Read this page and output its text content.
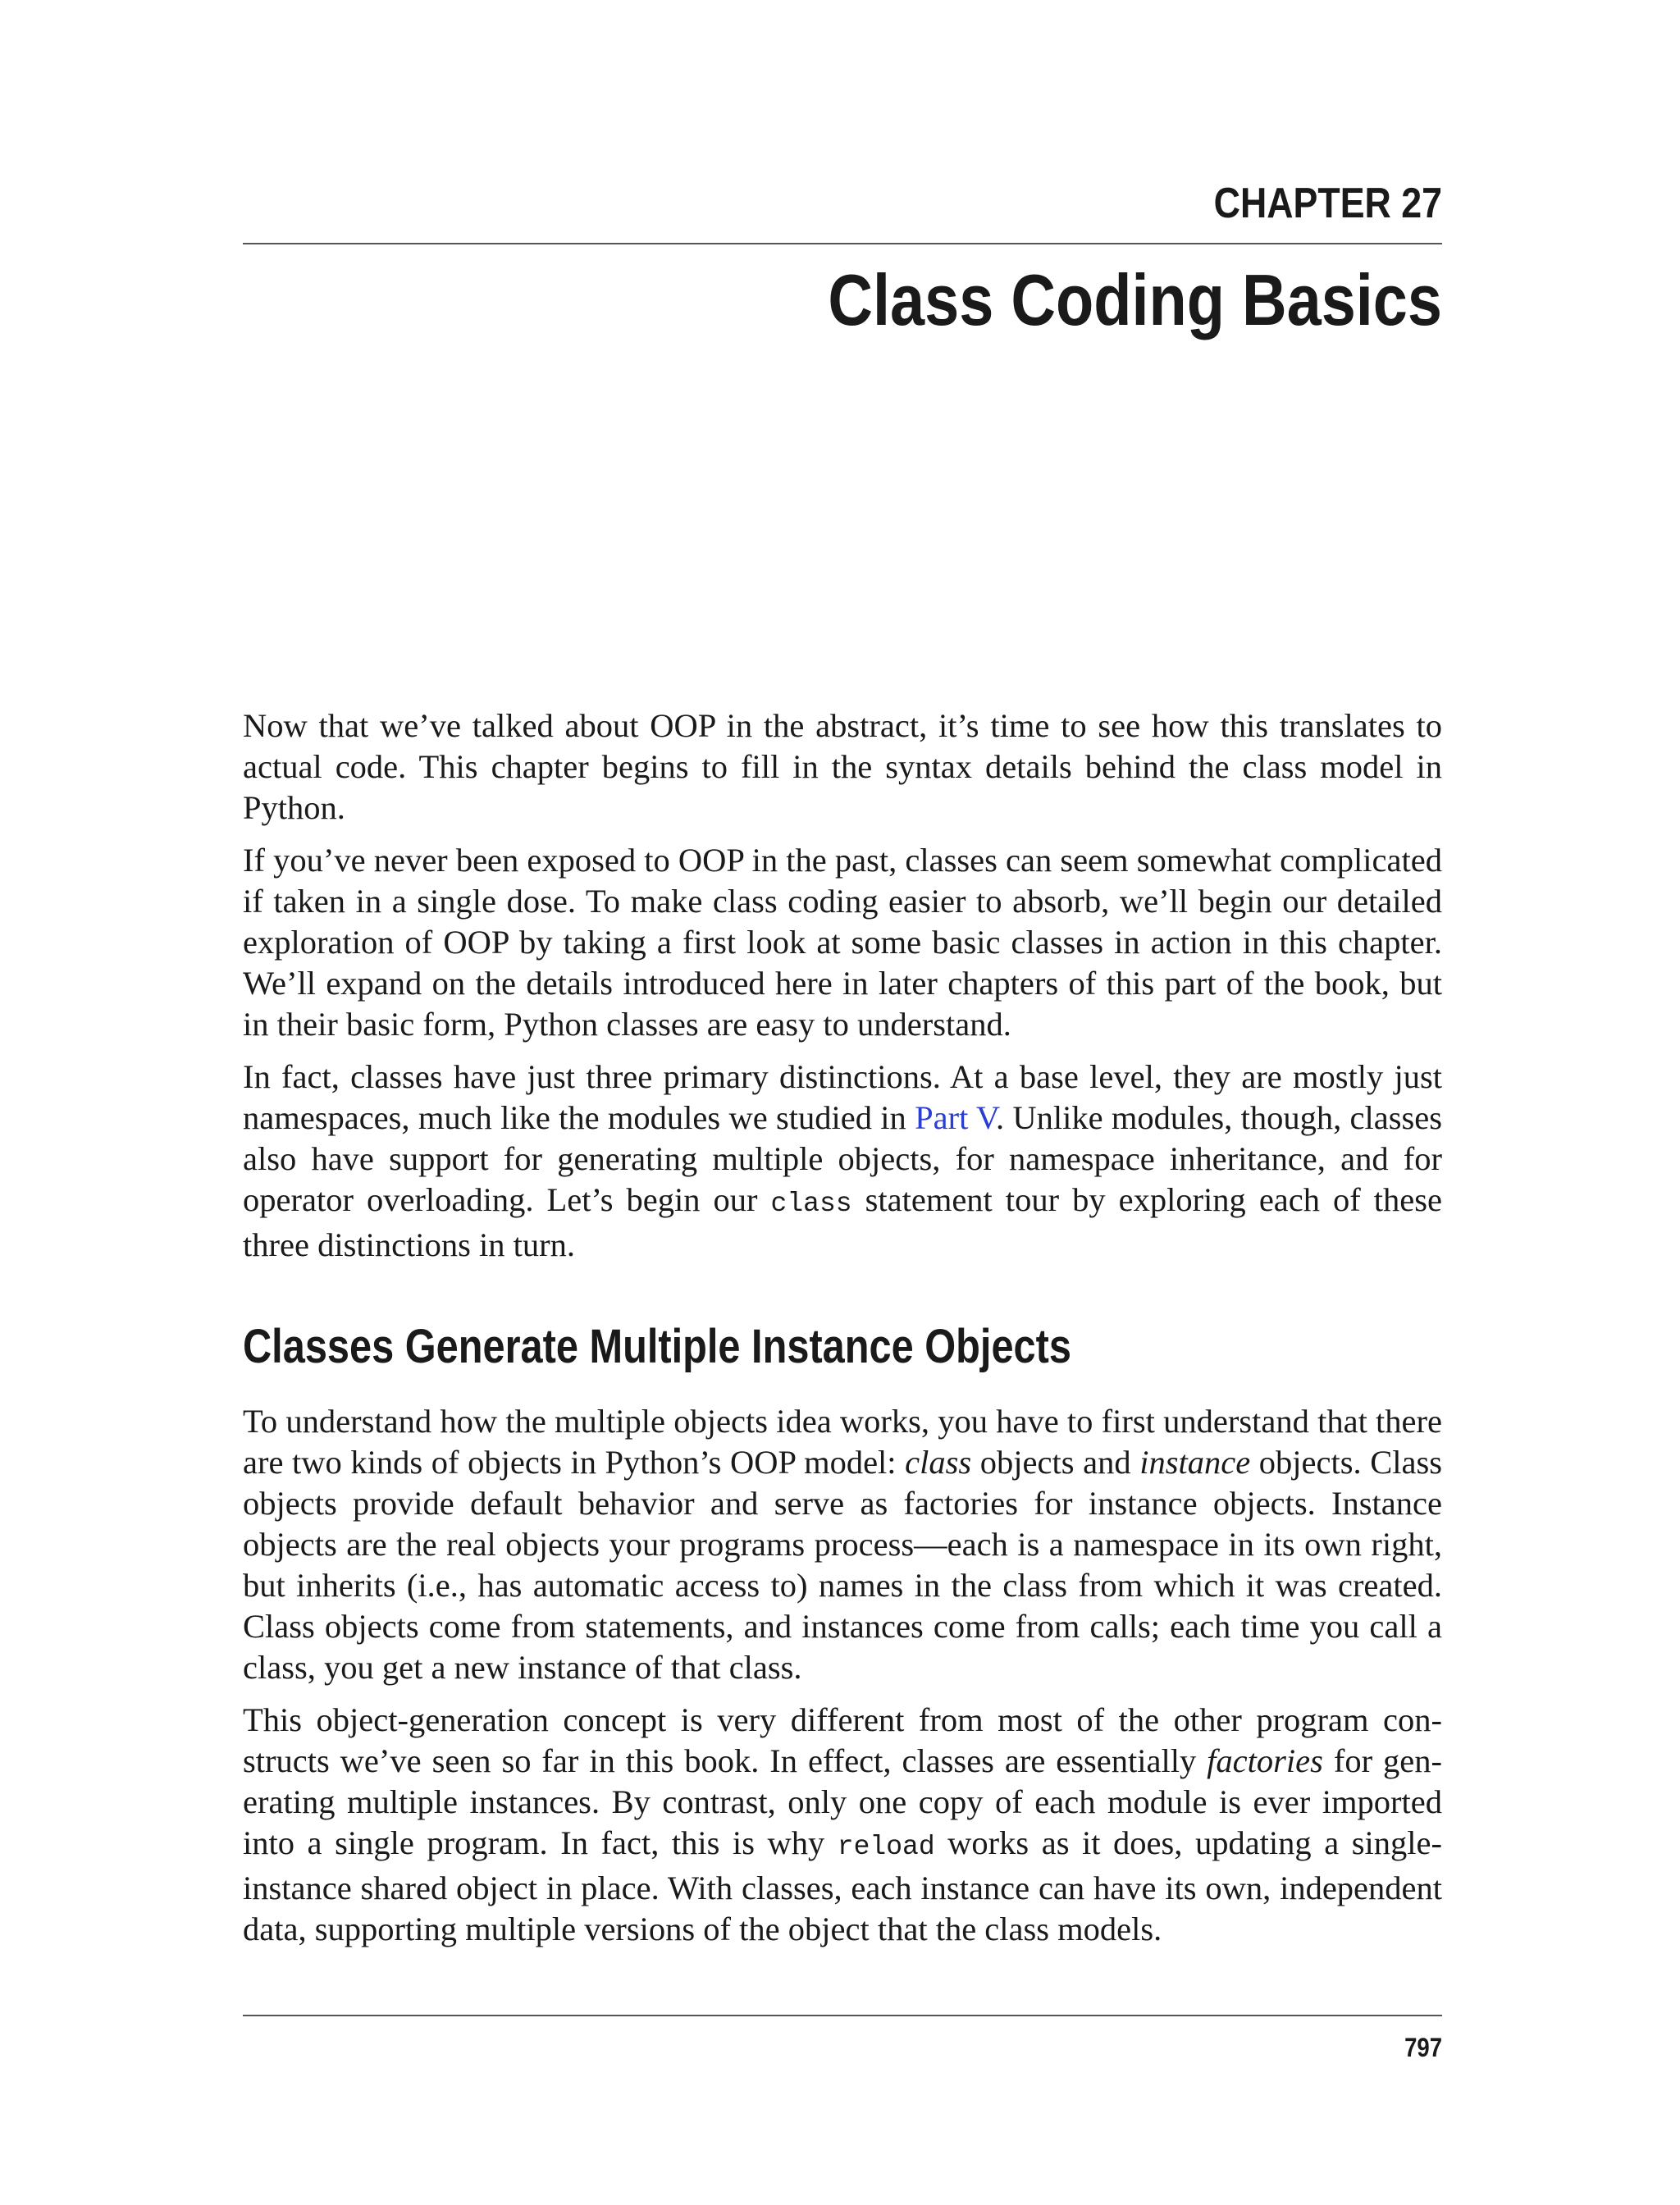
CHAPTER 27
Class Coding Basics

Now that we’ve talked about OOP in the abstract, it’s time to see how this translates to actual code. This chapter begins to fill in the syntax details behind the class model in Python.

If you’ve never been exposed to OOP in the past, classes can seem somewhat complicated if taken in a single dose. To make class coding easier to absorb, we’ll begin our detailed exploration of OOP by taking a first look at some basic classes in action in this chapter. We’ll expand on the details introduced here in later chapters of this part of the book, but in their basic form, Python classes are easy to understand.

In fact, classes have just three primary distinctions. At a base level, they are mostly just namespaces, much like the modules we studied in Part V. Unlike modules, though, classes also have support for generating multiple objects, for namespace inheritance, and for operator overloading. Let’s begin our class statement tour by exploring each of these three distinctions in turn.

Classes Generate Multiple Instance Objects

To understand how the multiple objects idea works, you have to first understand that there are two kinds of objects in Python’s OOP model: class objects and instance objects. Class objects provide default behavior and serve as factories for instance objects. Instance objects are the real objects your programs process—each is a namespace in its own right, but inherits (i.e., has automatic access to) names in the class from which it was created. Class objects come from statements, and instances come from calls; each time you call a class, you get a new instance of that class.

This object-generation concept is very different from most of the other program constructs we’ve seen so far in this book. In effect, classes are essentially factories for generating multiple instances. By contrast, only one copy of each module is ever imported into a single program. In fact, this is why reload works as it does, updating a single-instance shared object in place. With classes, each instance can have its own, independent data, supporting multiple versions of the object that the class models.

797
